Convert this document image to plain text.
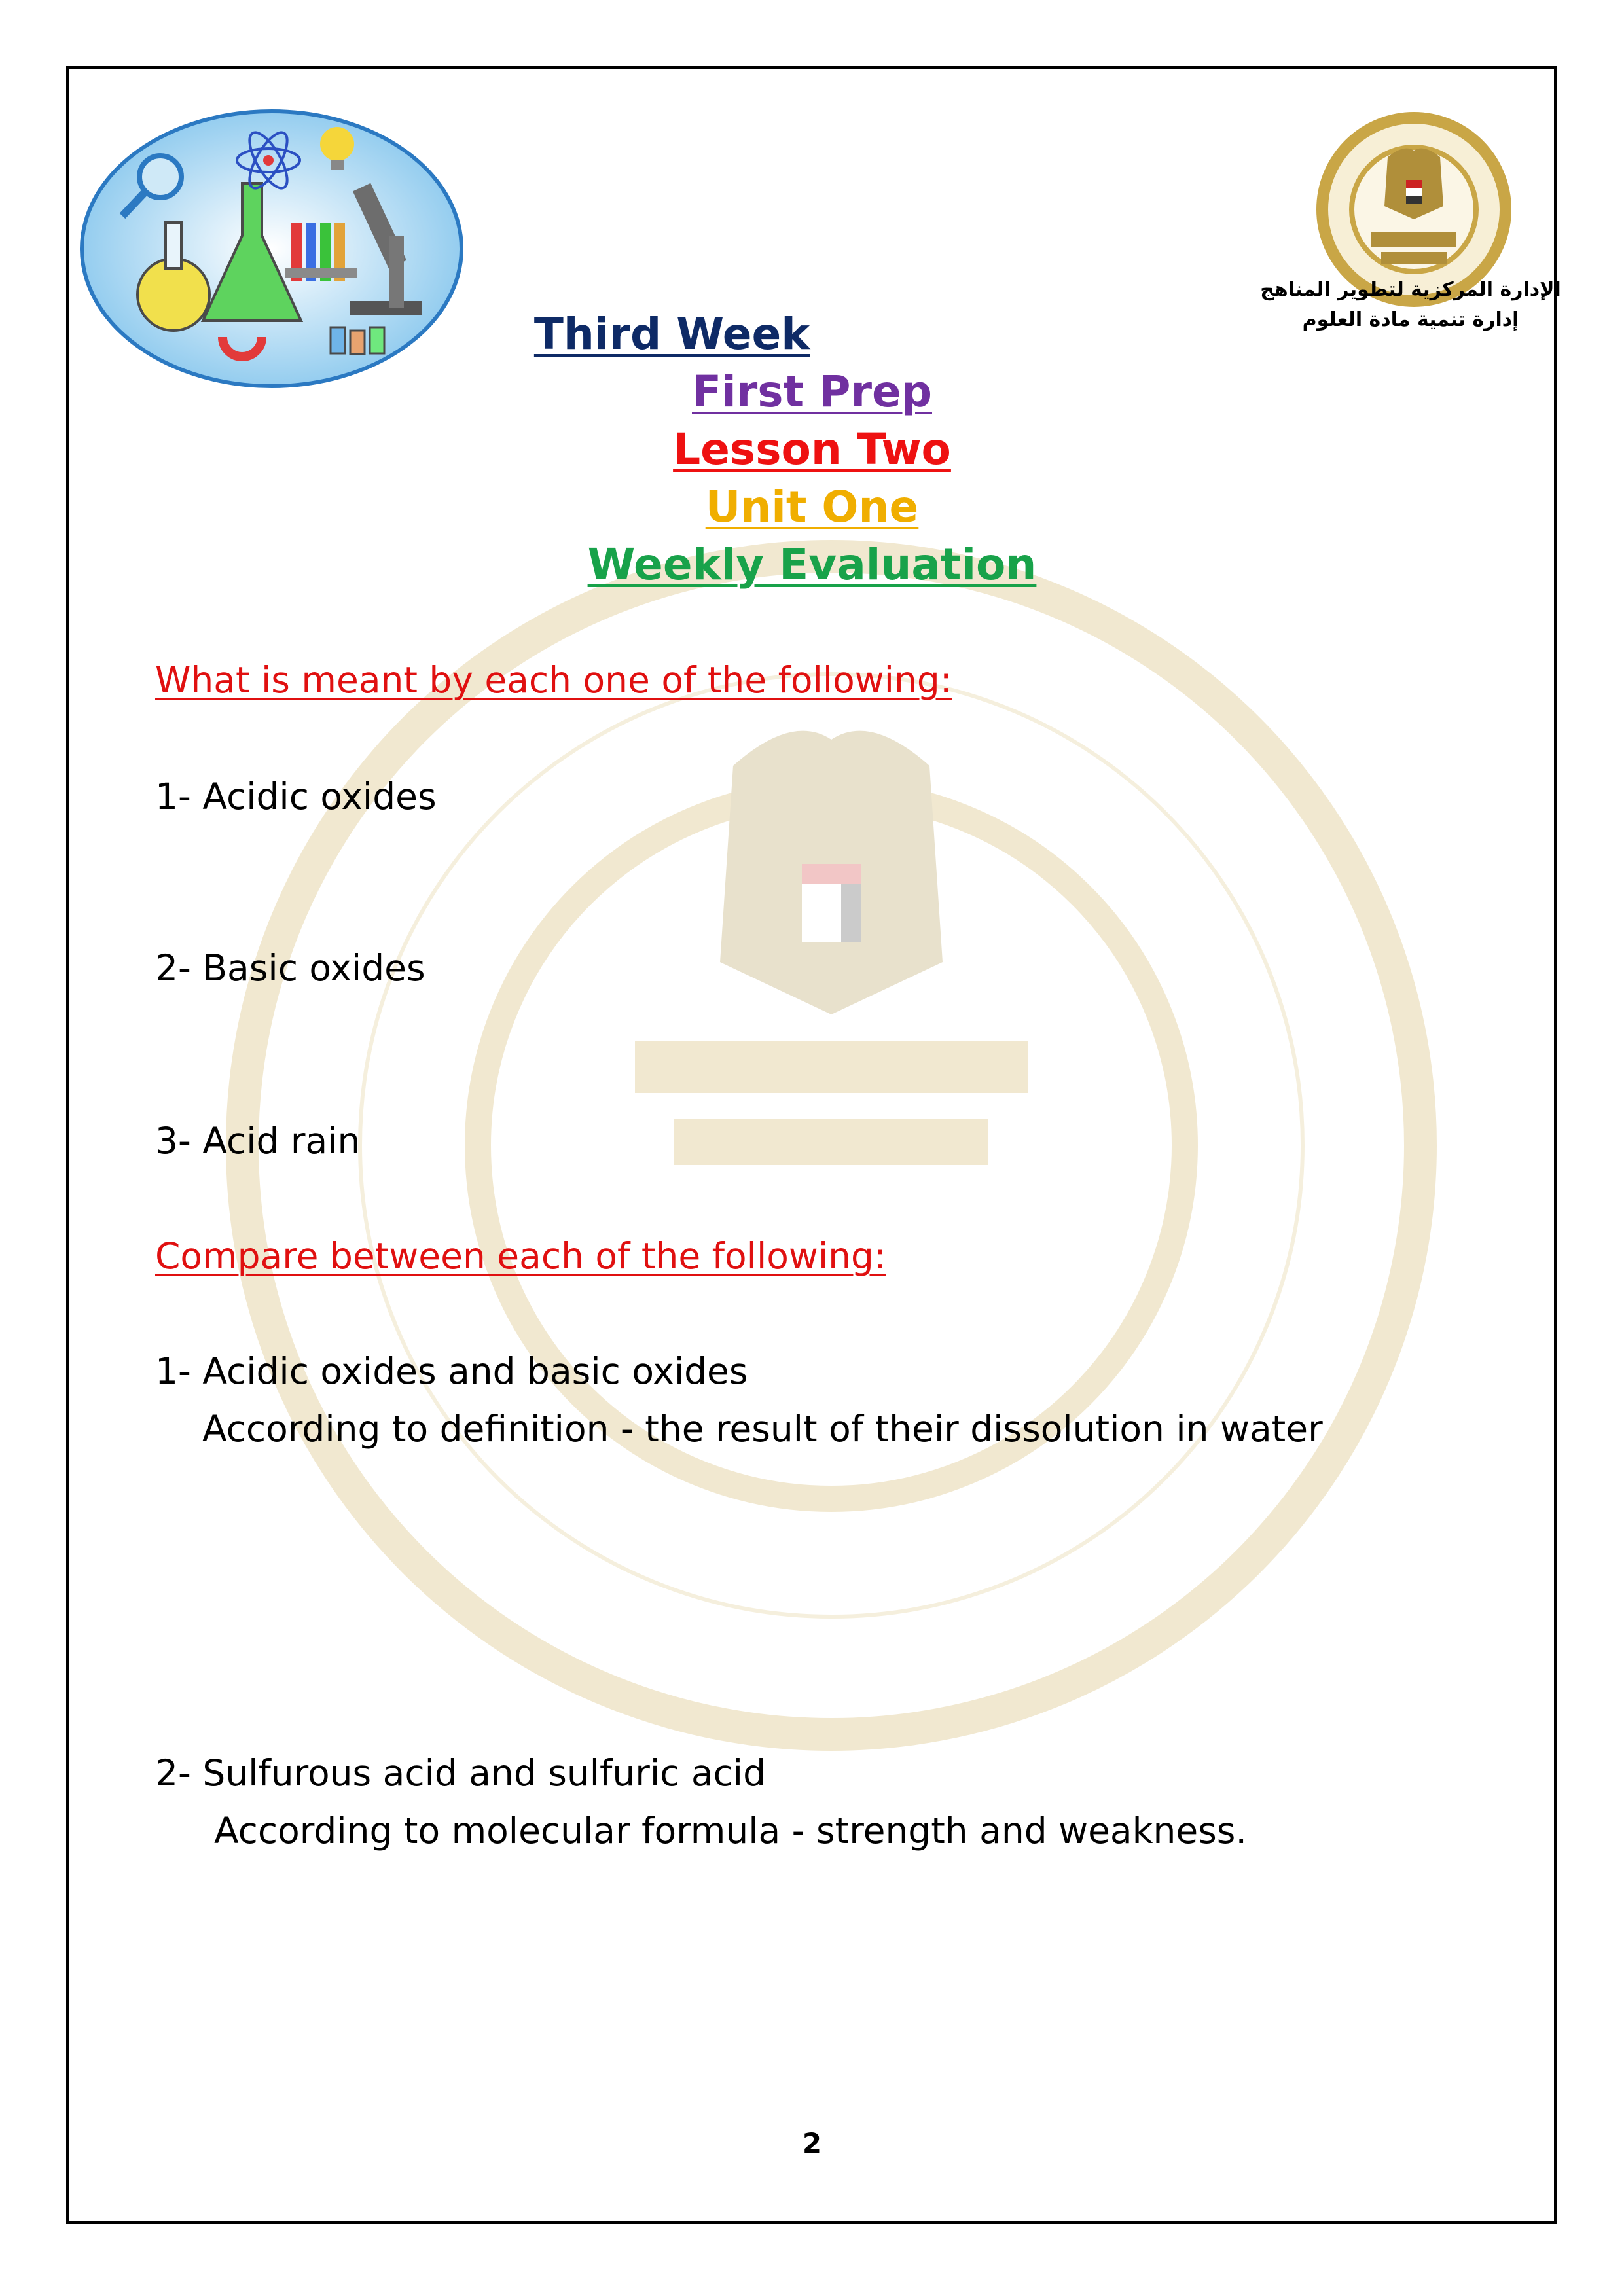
الإدارة المركزية لتطوير المناهج
إدارة تنمية مادة العلوم
Third Week
First Prep
Lesson Two
Unit One
Weekly Evaluation
What is meant by each one of the following:
1- Acidic oxides
2- Basic oxides
3- Acid rain
Compare between each of the following:
1- Acidic oxides and basic oxides
According to definition - the result of their dissolution in water
2- Sulfurous acid and sulfuric acid
According to molecular formula - strength and weakness.
2
